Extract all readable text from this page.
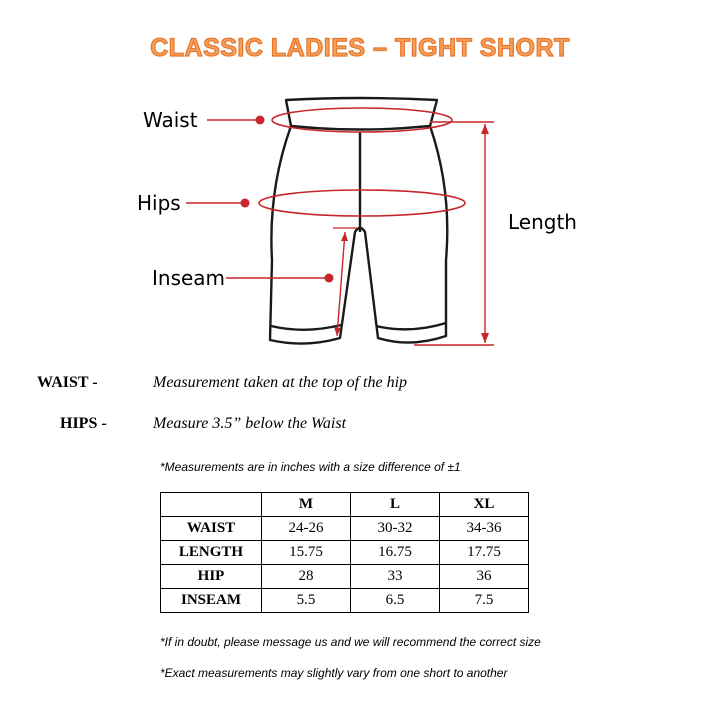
CLASSIC LADIES – TIGHT SHORT
Waist
Hips
Inseam
Length
WAIST -	Measurement taken at the top of the hip
HIPS -	Measure 3.5” below the Waist
*Measurements are in inches with a size difference of ±1
	M	L	XL
WAIST	24-26	30-32	34-36
LENGTH	15.75	16.75	17.75
HIP	28	33	36
INSEAM	5.5	6.5	7.5
*If in doubt, please message us and we will recommend the correct size
*Exact measurements may slightly vary from one short to another
